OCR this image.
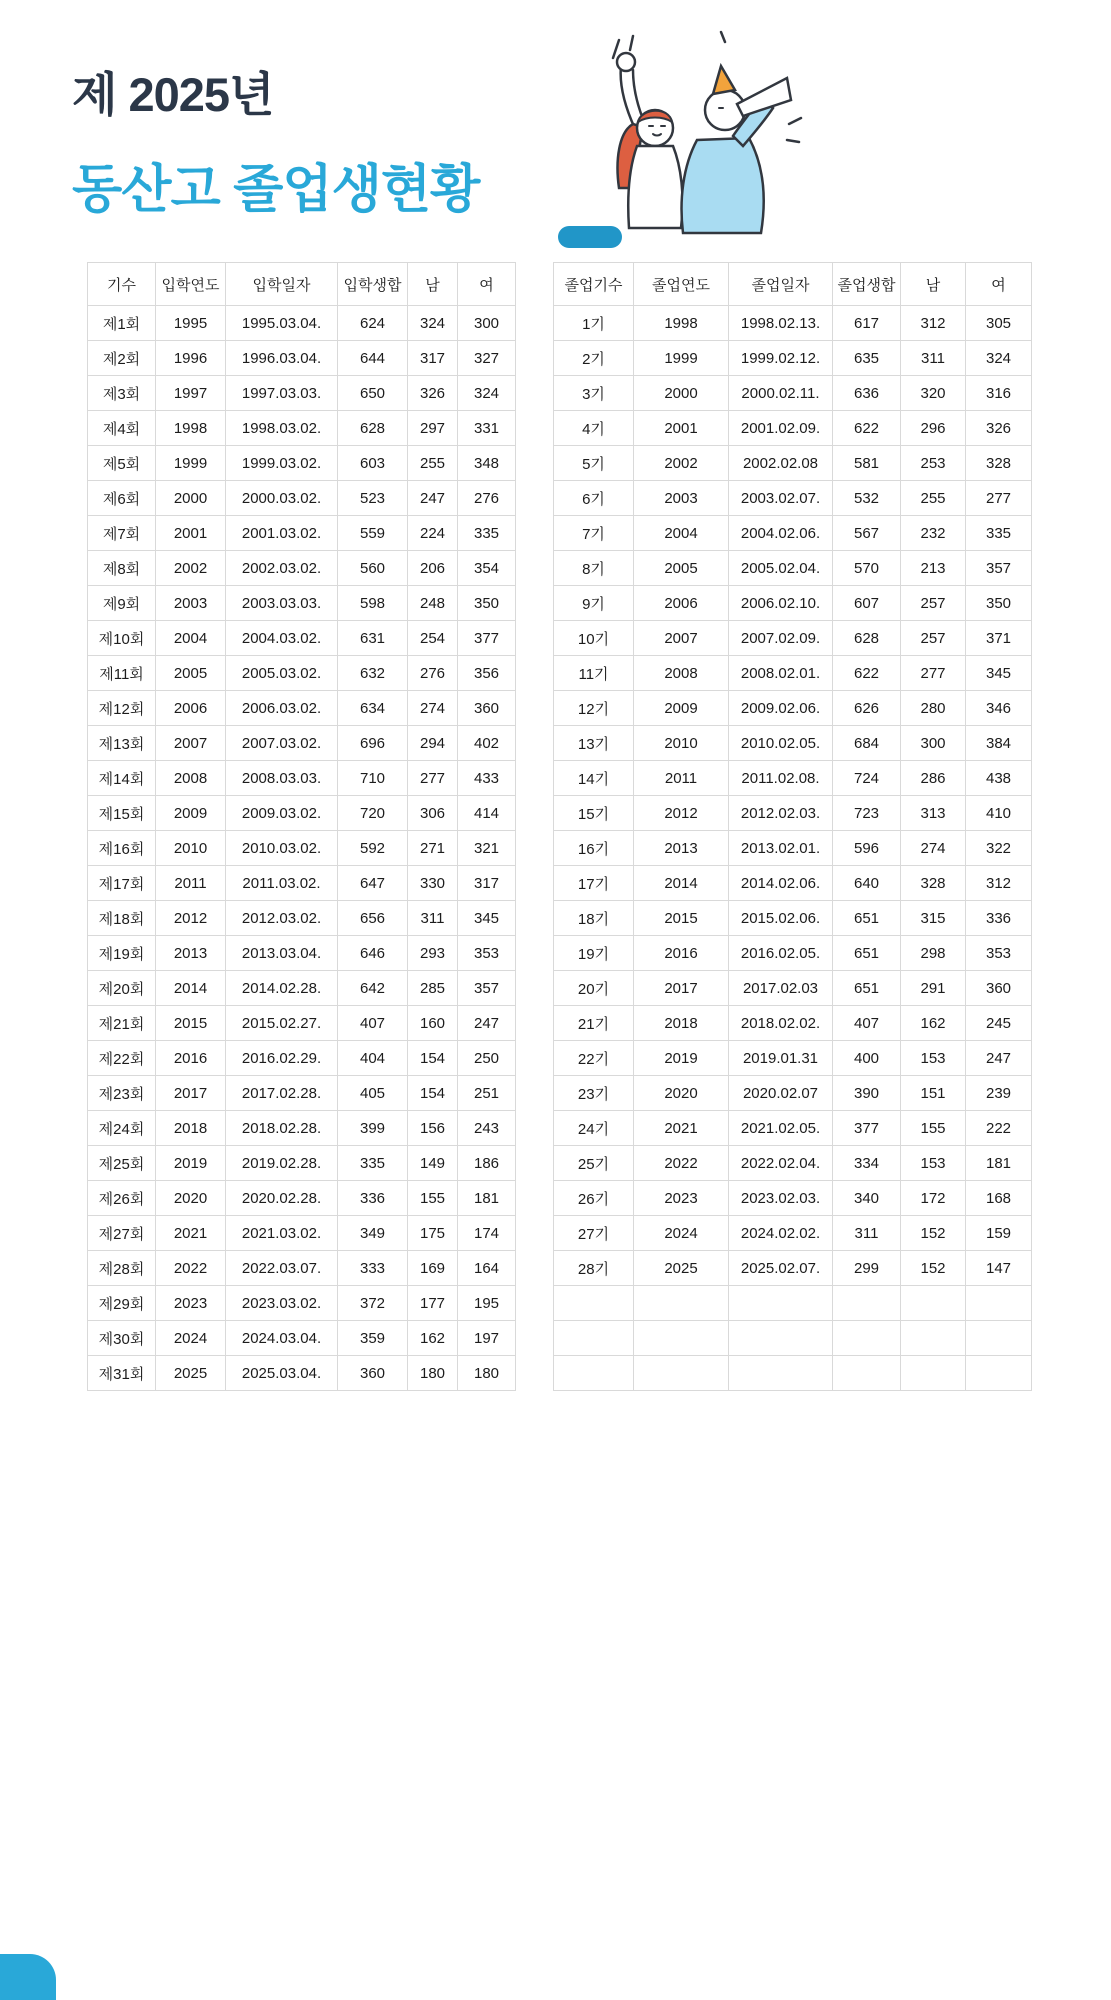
제 2025년
동산고 졸업생현황
기수	입학연도	입학일자	입학생합	남	여		졸업기수	졸업연도	졸업일자	졸업생합	남	여
제1회	1995	1995.03.04.	624	324	300		1기	1998	1998.02.13.	617	312	305
제2회	1996	1996.03.04.	644	317	327		2기	1999	1999.02.12.	635	311	324
제3회	1997	1997.03.03.	650	326	324		3기	2000	2000.02.11.	636	320	316
제4회	1998	1998.03.02.	628	297	331		4기	2001	2001.02.09.	622	296	326
제5회	1999	1999.03.02.	603	255	348		5기	2002	2002.02.08	581	253	328
제6회	2000	2000.03.02.	523	247	276		6기	2003	2003.02.07.	532	255	277
제7회	2001	2001.03.02.	559	224	335		7기	2004	2004.02.06.	567	232	335
제8회	2002	2002.03.02.	560	206	354		8기	2005	2005.02.04.	570	213	357
제9회	2003	2003.03.03.	598	248	350		9기	2006	2006.02.10.	607	257	350
제10회	2004	2004.03.02.	631	254	377		10기	2007	2007.02.09.	628	257	371
제11회	2005	2005.03.02.	632	276	356		11기	2008	2008.02.01.	622	277	345
제12회	2006	2006.03.02.	634	274	360		12기	2009	2009.02.06.	626	280	346
제13회	2007	2007.03.02.	696	294	402		13기	2010	2010.02.05.	684	300	384
제14회	2008	2008.03.03.	710	277	433		14기	2011	2011.02.08.	724	286	438
제15회	2009	2009.03.02.	720	306	414		15기	2012	2012.02.03.	723	313	410
제16회	2010	2010.03.02.	592	271	321		16기	2013	2013.02.01.	596	274	322
제17회	2011	2011.03.02.	647	330	317		17기	2014	2014.02.06.	640	328	312
제18회	2012	2012.03.02.	656	311	345		18기	2015	2015.02.06.	651	315	336
제19회	2013	2013.03.04.	646	293	353		19기	2016	2016.02.05.	651	298	353
제20회	2014	2014.02.28.	642	285	357		20기	2017	2017.02.03	651	291	360
제21회	2015	2015.02.27.	407	160	247		21기	2018	2018.02.02.	407	162	245
제22회	2016	2016.02.29.	404	154	250		22기	2019	2019.01.31	400	153	247
제23회	2017	2017.02.28.	405	154	251		23기	2020	2020.02.07	390	151	239
제24회	2018	2018.02.28.	399	156	243		24기	2021	2021.02.05.	377	155	222
제25회	2019	2019.02.28.	335	149	186		25기	2022	2022.02.04.	334	153	181
제26회	2020	2020.02.28.	336	155	181		26기	2023	2023.02.03.	340	172	168
제27회	2021	2021.03.02.	349	175	174		27기	2024	2024.02.02.	311	152	159
제28회	2022	2022.03.07.	333	169	164		28기	2025	2025.02.07.	299	152	147
제29회	2023	2023.03.02.	372	177	195							
제30회	2024	2024.03.04.	359	162	197							
제31회	2025	2025.03.04.	360	180	180							
